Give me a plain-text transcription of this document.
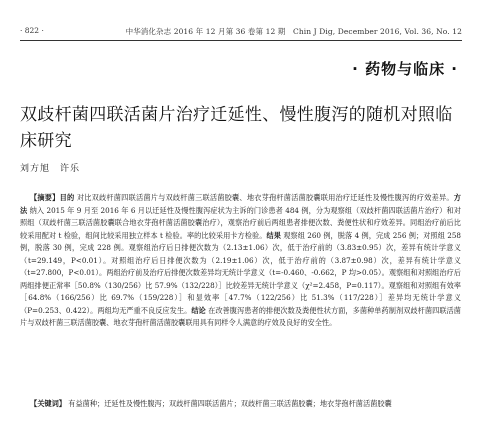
· 822 ·	中华消化杂志 2016 年 12 月第 36 卷第 12 期　Chin J Dig, December 2016, Vol. 36, No. 12
· 药物与临床 ·
双歧杆菌四联活菌片治疗迁延性、慢性腹泻的随机对照临床研究
刘方旭　许乐

【摘要】目的 对比双歧杆菌四联活菌片与双歧杆菌三联活菌胶囊、地衣芽孢杆菌活菌胶囊联用治疗迁延性及慢性腹泻的疗效差异。方法 纳入 2015 年 9 月至 2016 年 6 月以迁延性及慢性腹泻症状为主诉的门诊患者 484 例，分为观察组（双歧杆菌四联活菌片治疗）和对照组（双歧杆菌三联活菌胶囊联合地衣芽孢杆菌活菌胶囊治疗），观察治疗前后两组患者排便次数、粪便性状和疗效差异。同组治疗前后比较采用配对 t 检验，组间比较采用独立样本 t 检验。率的比较采用卡方检验。结果 观察组 260 例，脱落 4 例，完成 256 例；对照组 258 例，脱落 30 例，完成 228 例。观察组治疗后日排便次数为（2.13±1.06）次，低于治疗前的（3.83±0.95）次，差异有统计学意义（t=29.149，P<0.01）。对照组治疗后日排便次数为（2.19±1.06）次，低于治疗前的（3.87±0.98）次，差异有统计学意义（t=27.800，P<0.01）。两组治疗前及治疗后排便次数差异均无统计学意义（t=-0.460、-0.662，P 均>0.05）。观察组和对照组治疗后两组排便正常率［50.8%（130/256）比 57.9%（132/228）］比较差异无统计学意义（χ²=2.458，P=0.117）。观察组和对照组有效率［64.8%（166/256）比 69.7%（159/228）］和显效率［47.7%（122/256）比 51.3%（117/228）］差异均无统计学意义（P=0.253、0.422）。两组均无严重不良反应发生。结论 在改善腹泻患者的排便次数及粪便性状方面，多菌种单药制剂双歧杆菌四联活菌片与双歧杆菌三联活菌胶囊、地衣芽孢杆菌活菌胶囊联用具有同样令人满意的疗效及良好的安全性。

【关键词】 有益菌种；迁延性及慢性腹泻；双歧杆菌四联活菌片；双歧杆菌三联活菌胶囊；地衣芽孢杆菌活菌胶囊
